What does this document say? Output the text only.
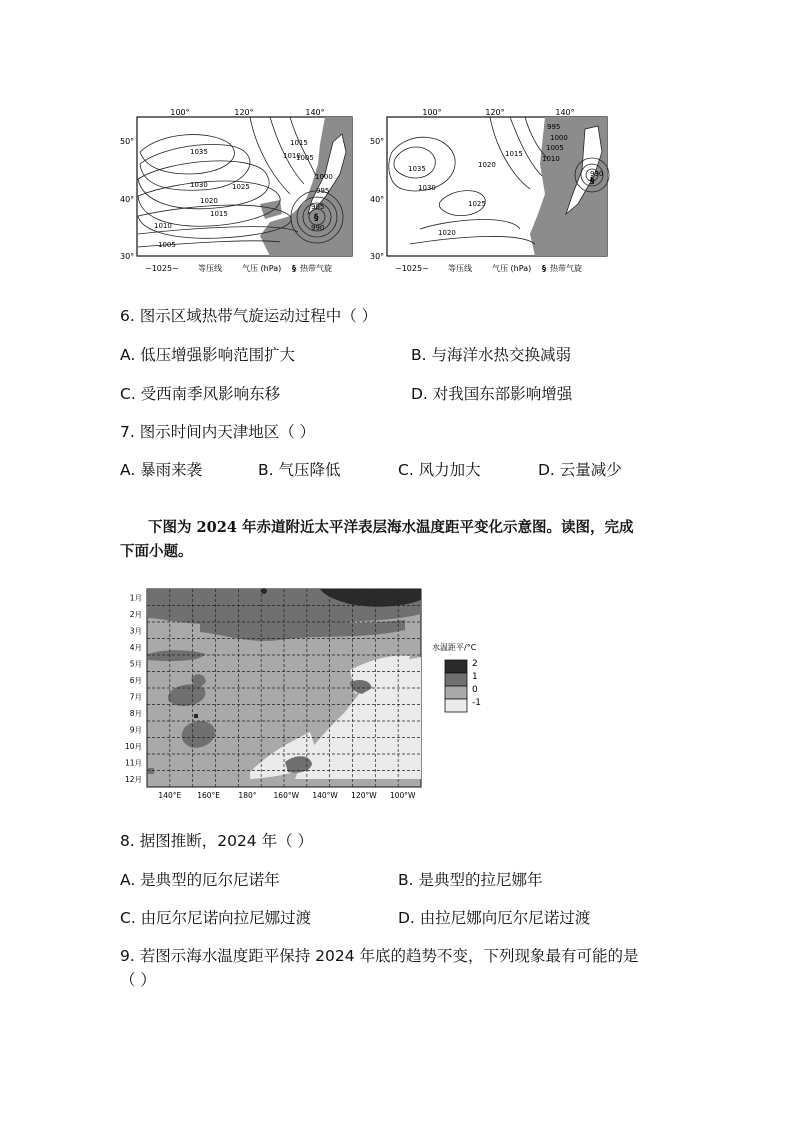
100°	120°	140°
50°
40°
30°
1035
1030	1025
1020
1015
1010
1005
1015
1010
1005
1000
995
990
985
§
~1025~ 等压线	气压 (hPa) § 热带气旋
100°	120°	140°
50°
40°
30°
995
1000
1005
1010
1015
1035
1030
1020
1025
1020
990
§
~1025~ 等压线	气压 (hPa) § 热带气旋
6. 图示区域热带气旋运动过程中（ ）
A. 低压增强影响范围扩大	B. 与海洋水热交换减弱
C. 受西南季风影响东移	D. 对我国东部影响增强
7. 图示时间内天津地区（ ）
A. 暴雨来袭	B. 气压降低	C. 风力加大	D. 云量减少
下图为 2024 年赤道附近太平洋表层海水温度距平变化示意图。读图，完成
下面小题。
1月
2月
3月
4月
5月
6月
7月
8月
9月
10月
11月
12月
140°E 160°E 180° 160°W 140°W 120°W 100°W
水温距平/°C
2
1
0
-1
8. 据图推断，2024 年（ ）
A. 是典型的厄尔尼诺年	B. 是典型的拉尼娜年
C. 由厄尔尼诺向拉尼娜过渡	D. 由拉尼娜向厄尔尼诺过渡
9. 若图示海水温度距平保持 2024 年底的趋势不变，下列现象最有可能的是
（ ）
